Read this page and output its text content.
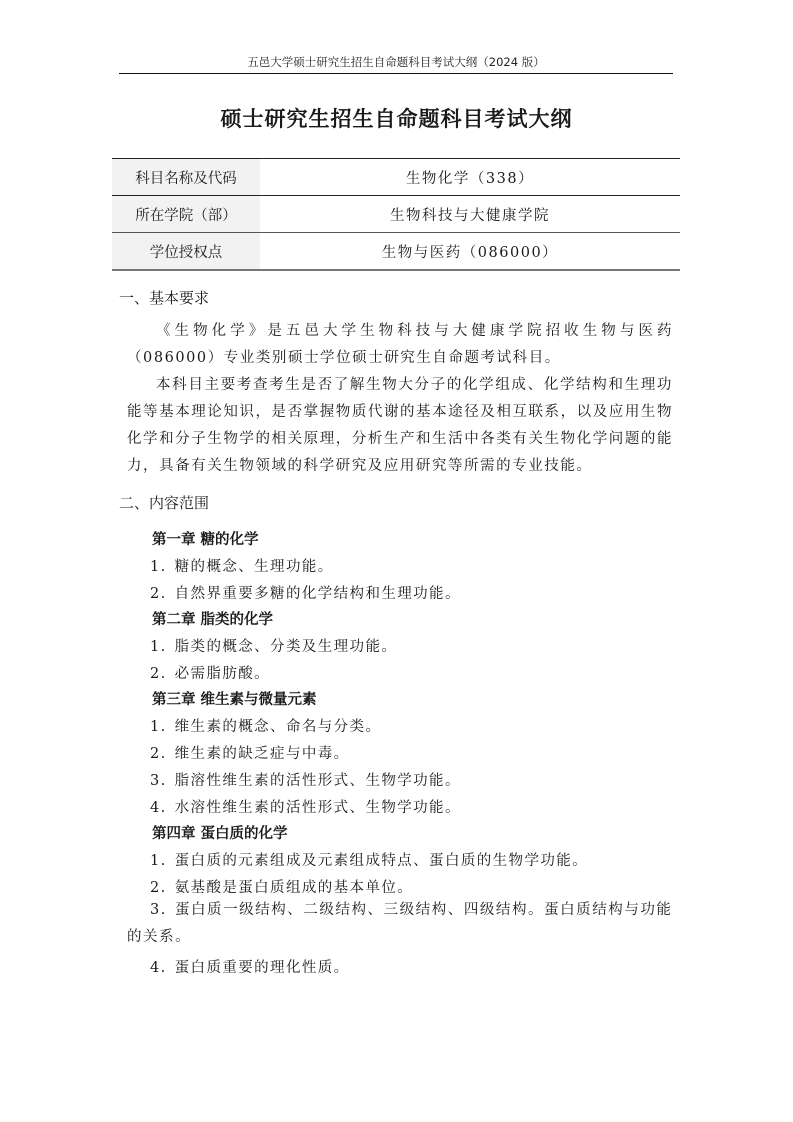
五邑大学硕士研究生招生自命题科目考试大纲（2024 版）
硕士研究生招生自命题科目考试大纲
科目名称及代码	生物化学（338）
所在学院（部）	生物科技与大健康学院
学位授权点	生物与医药（086000）
一、基本要求

《生物化学》是五邑大学生物科技与大健康学院招收生物与医药（086000）专业类别硕士学位硕士研究生自命题考试科目。

本科目主要考查考生是否了解生物大分子的化学组成、化学结构和生理功能等基本理论知识，是否掌握物质代谢的基本途径及相互联系，以及应用生物化学和分子生物学的相关原理，分析生产和生活中各类有关生物化学问题的能力，具备有关生物领域的科学研究及应用研究等所需的专业技能。

二、内容范围
第一章 糖的化学
1. 糖的概念、生理功能。
2. 自然界重要多糖的化学结构和生理功能。
第二章 脂类的化学
1. 脂类的概念、分类及生理功能。
2. 必需脂肪酸。
第三章 维生素与微量元素
1. 维生素的概念、命名与分类。
2. 维生素的缺乏症与中毒。
3. 脂溶性维生素的活性形式、生物学功能。
4. 水溶性维生素的活性形式、生物学功能。
第四章 蛋白质的化学
1. 蛋白质的元素组成及元素组成特点、蛋白质的生物学功能。
2. 氨基酸是蛋白质组成的基本单位。

3. 蛋白质一级结构、二级结构、三级结构、四级结构。蛋白质结构与功能的关系。

4. 蛋白质重要的理化性质。
